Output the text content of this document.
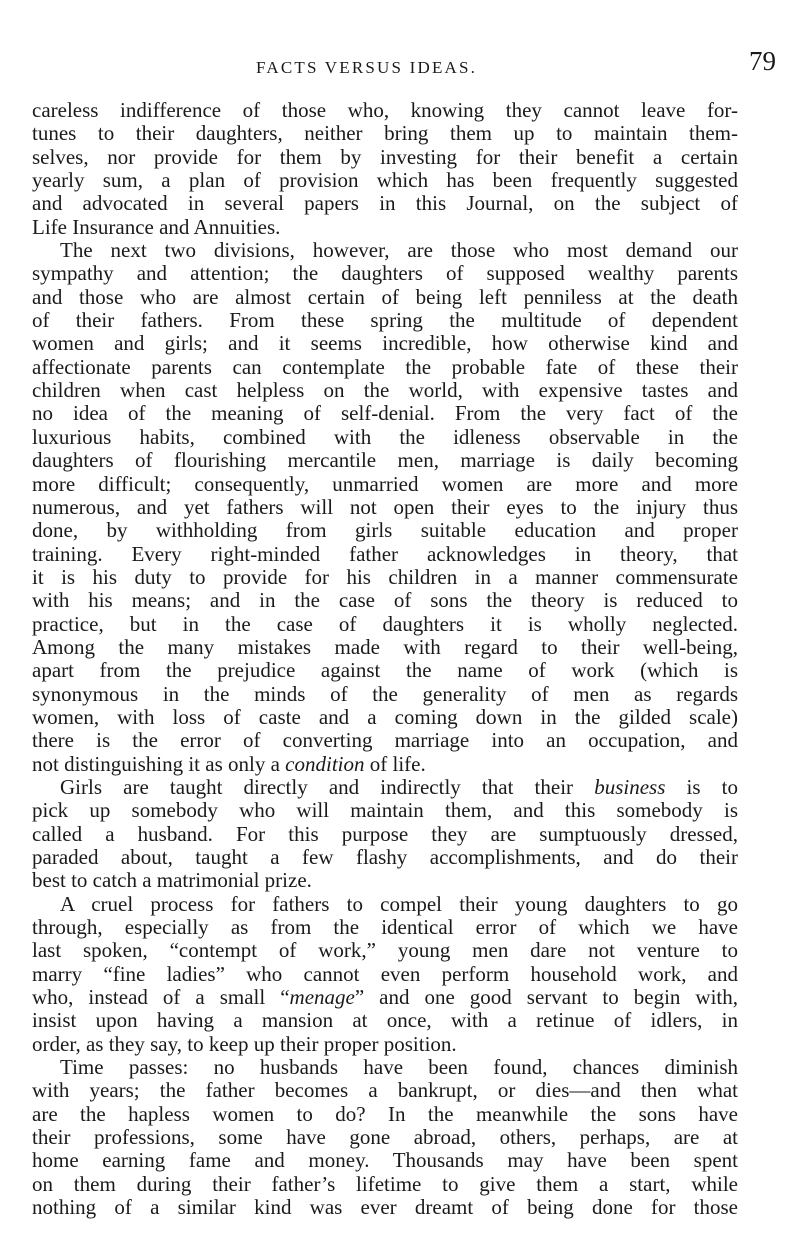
FACTS VERSUS IDEAS.	79
careless indifference of those who, knowing they cannot leave for-
tunes to their daughters, neither bring them up to maintain them-
selves, nor provide for them by investing for their benefit a certain
yearly sum, a plan of provision which has been frequently suggested
and advocated in several papers in this Journal, on the subject of
Life Insurance and Annuities.
The next two divisions, however, are those who most demand our
sympathy and attention; the daughters of supposed wealthy parents
and those who are almost certain of being left penniless at the death
of their fathers. From these spring the multitude of dependent
women and girls; and it seems incredible, how otherwise kind and
affectionate parents can contemplate the probable fate of these their
children when cast helpless on the world, with expensive tastes and
no idea of the meaning of self-denial. From the very fact of the
luxurious habits, combined with the idleness observable in the
daughters of flourishing mercantile men, marriage is daily becoming
more difficult; consequently, unmarried women are more and more
numerous, and yet fathers will not open their eyes to the injury thus
done, by withholding from girls suitable education and proper
training. Every right-minded father acknowledges in theory, that
it is his duty to provide for his children in a manner commensurate
with his means; and in the case of sons the theory is reduced to
practice, but in the case of daughters it is wholly neglected.
Among the many mistakes made with regard to their well-being,
apart from the prejudice against the name of work (which is
synonymous in the minds of the generality of men as regards
women, with loss of caste and a coming down in the gilded scale)
there is the error of converting marriage into an occupation, and
not distinguishing it as only a condition of life.
Girls are taught directly and indirectly that their business is to
pick up somebody who will maintain them, and this somebody is
called a husband. For this purpose they are sumptuously dressed,
paraded about, taught a few flashy accomplishments, and do their
best to catch a matrimonial prize.
A cruel process for fathers to compel their young daughters to go
through, especially as from the identical error of which we have
last spoken, “contempt of work,” young men dare not venture to
marry “fine ladies” who cannot even perform household work, and
who, instead of a small “menage” and one good servant to begin with,
insist upon having a mansion at once, with a retinue of idlers, in
order, as they say, to keep up their proper position.
Time passes: no husbands have been found, chances diminish
with years; the father becomes a bankrupt, or dies—and then what
are the hapless women to do? In the meanwhile the sons have
their professions, some have gone abroad, others, perhaps, are at
home earning fame and money. Thousands may have been spent
on them during their father’s lifetime to give them a start, while
nothing of a similar kind was ever dreamt of being done for those
